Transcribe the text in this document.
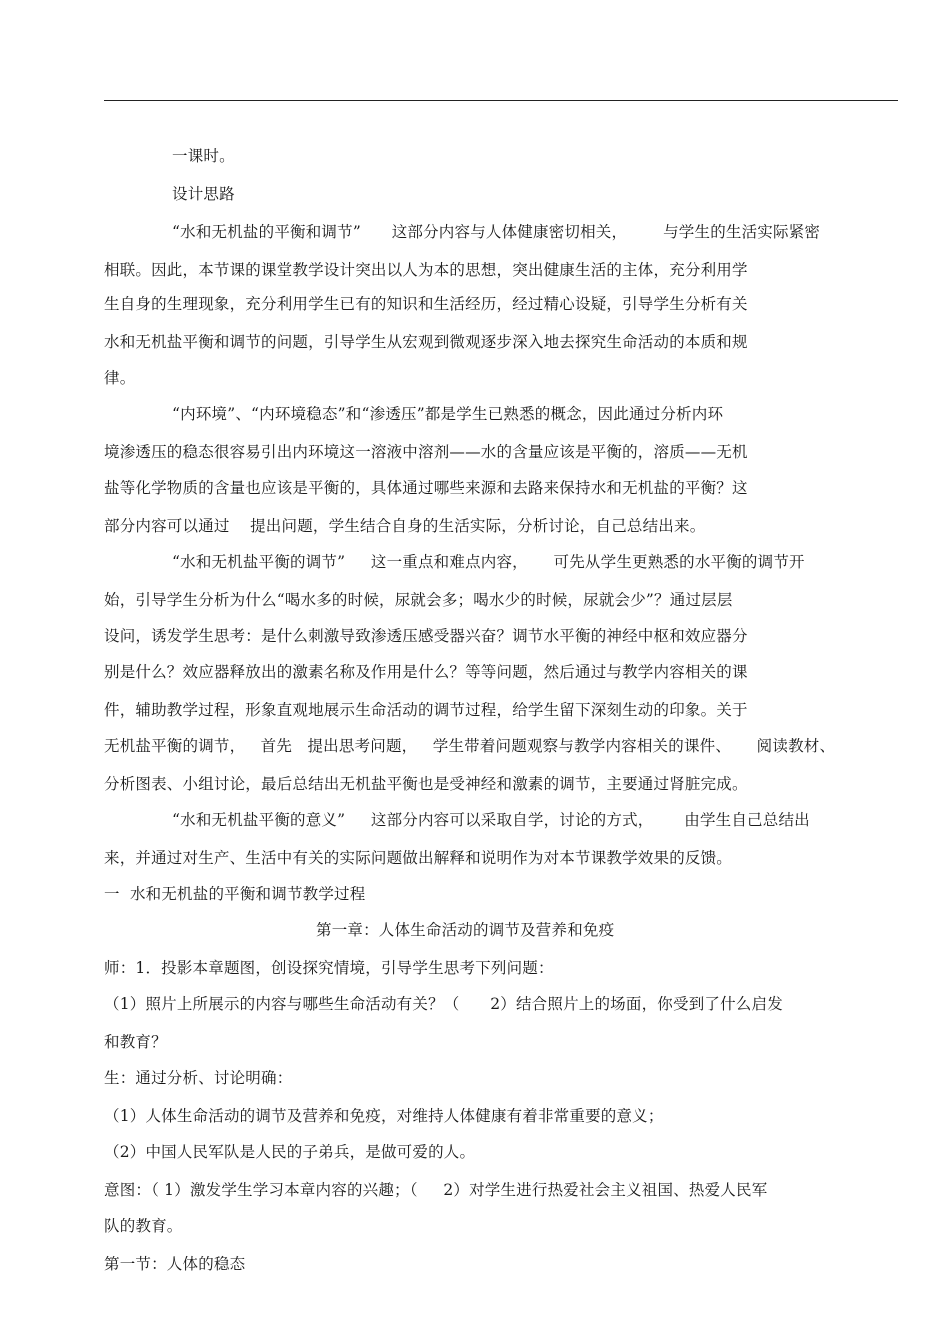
一课时。
设计思路
“水和无机盐的平衡和调节”      这部分内容与人体健康密切相关，       与学生的生活实际紧密
相联。因此，本节课的课堂教学设计突出以人为本的思想，突出健康生活的主体，充分利用学
生自身的生理现象，充分利用学生已有的知识和生活经历，经过精心设疑，引导学生分析有关
水和无机盐平衡和调节的问题，引导学生从宏观到微观逐步深入地去探究生命活动的本质和规
律。
“内环境”、“内环境稳态”和“渗透压”都是学生已熟悉的概念，因此通过分析内环
境渗透压的稳态很容易引出内环境这一溶液中溶剂——水的含量应该是平衡的，溶质——无机
盐等化学物质的含量也应该是平衡的，具体通过哪些来源和去路来保持水和无机盐的平衡？这
部分内容可以通过    提出问题，学生结合自身的生活实际，分析讨论，自己总结出来。
“水和无机盐平衡的调节”     这一重点和难点内容，     可先从学生更熟悉的水平衡的调节开
始，引导学生分析为什么“喝水多的时候，尿就会多；喝水少的时候，尿就会少”？通过层层
设问，诱发学生思考：是什么刺激导致渗透压感受器兴奋？调节水平衡的神经中枢和效应器分
别是什么？效应器释放出的激素名称及作用是什么？等等问题，然后通过与教学内容相关的课
件，辅助教学过程，形象直观地展示生命活动的调节过程，给学生留下深刻生动的印象。关于
无机盐平衡的调节，   首先   提出思考问题，   学生带着问题观察与教学内容相关的课件、     阅读教材、
分析图表、小组讨论，最后总结出无机盐平衡也是受神经和激素的调节，主要通过肾脏完成。
“水和无机盐平衡的意义”     这部分内容可以采取自学，讨论的方式，      由学生自己总结出
来，并通过对生产、生活中有关的实际问题做出解释和说明作为对本节课教学效果的反馈。
一  水和无机盐的平衡和调节教学过程
第一章：人体生命活动的调节及营养和免疫
师：1．投影本章题图，创设探究情境，引导学生思考下列问题：
（1）照片上所展示的内容与哪些生命活动有关？（      2）结合照片上的场面，你受到了什么启发
和教育？
生：通过分析、讨论明确：
（1）人体生命活动的调节及营养和免疫，对维持人体健康有着非常重要的意义；
（2）中国人民军队是人民的子弟兵，是做可爱的人。
意图：（ 1）激发学生学习本章内容的兴趣；（     2）对学生进行热爱社会主义祖国、热爱人民军
队的教育。
第一节：人体的稳态
